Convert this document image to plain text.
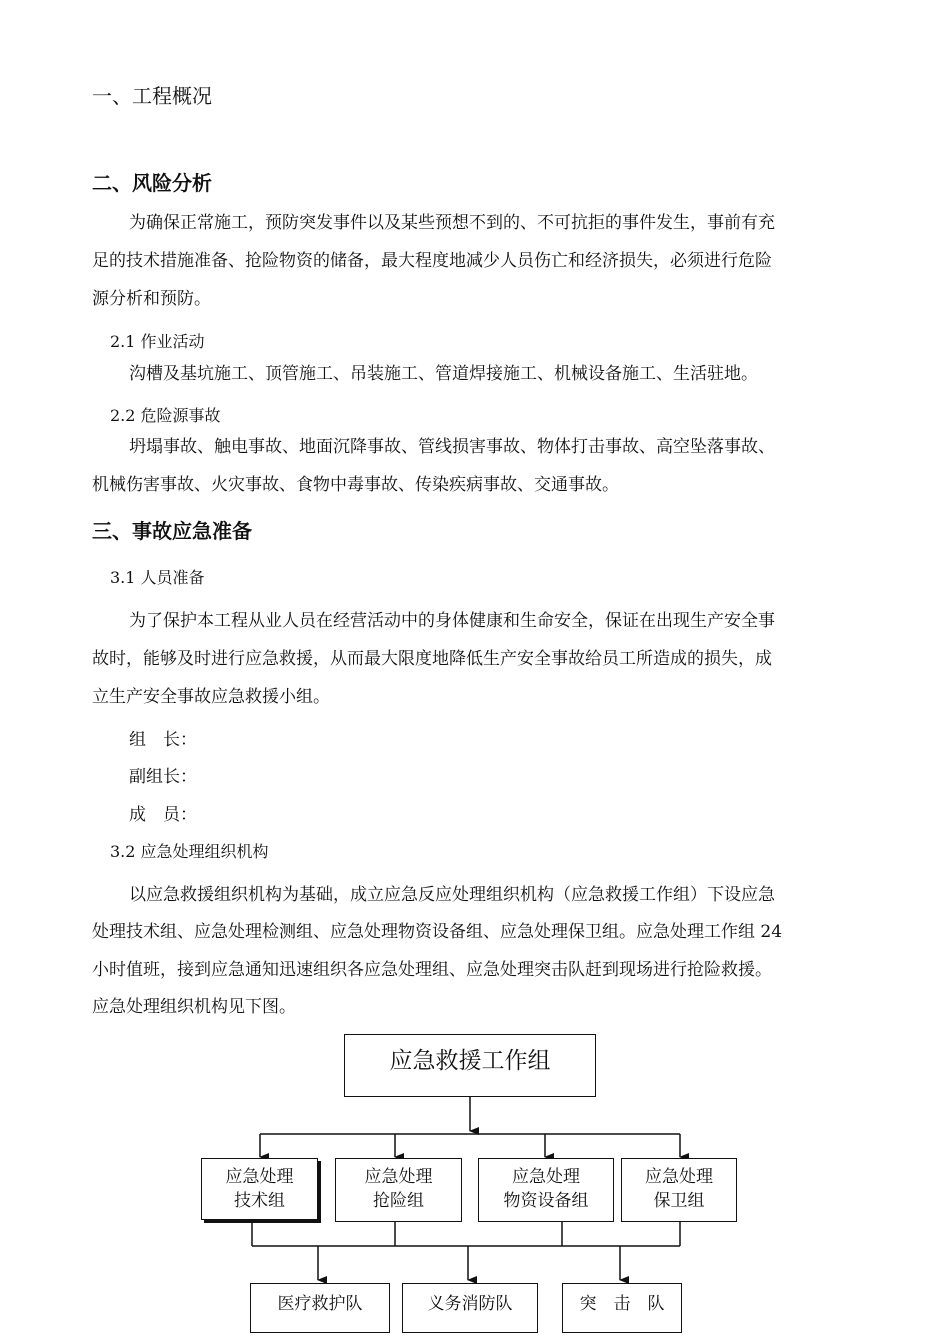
一、工程概况
二、风险分析
为确保正常施工，预防突发事件以及某些预想不到的、不可抗拒的事件发生，事前有充
足的技术措施准备、抢险物资的储备，最大程度地减少人员伤亡和经济损失，必须进行危险
源分析和预防。
2.1 作业活动
沟槽及基坑施工、顶管施工、吊装施工、管道焊接施工、机械设备施工、生活驻地。
2.2 危险源事故
坍塌事故、触电事故、地面沉降事故、管线损害事故、物体打击事故、高空坠落事故、
机械伤害事故、火灾事故、食物中毒事故、传染疾病事故、交通事故。
三、事故应急准备
3.1 人员准备
为了保护本工程从业人员在经营活动中的身体健康和生命安全，保证在出现生产安全事
故时，能够及时进行应急救援，从而最大限度地降低生产安全事故给员工所造成的损失，成
立生产安全事故应急救援小组。
组　长：
副组长：
成　员：
3.2 应急处理组织机构
以应急救援组织机构为基础，成立应急反应处理组织机构（应急救援工作组）下设应急
处理技术组、应急处理检测组、应急处理物资设备组、应急处理保卫组。应急处理工作组 24
小时值班，接到应急通知迅速组织各应急处理组、应急处理突击队赶到现场进行抢险救援。
应急处理组织机构见下图。
应急救援工作组
应急处理
技术组
应急处理
抢险组
应急处理
物资设备组
应急处理
保卫组
医疗救护队	义务消防队	突　击　队
